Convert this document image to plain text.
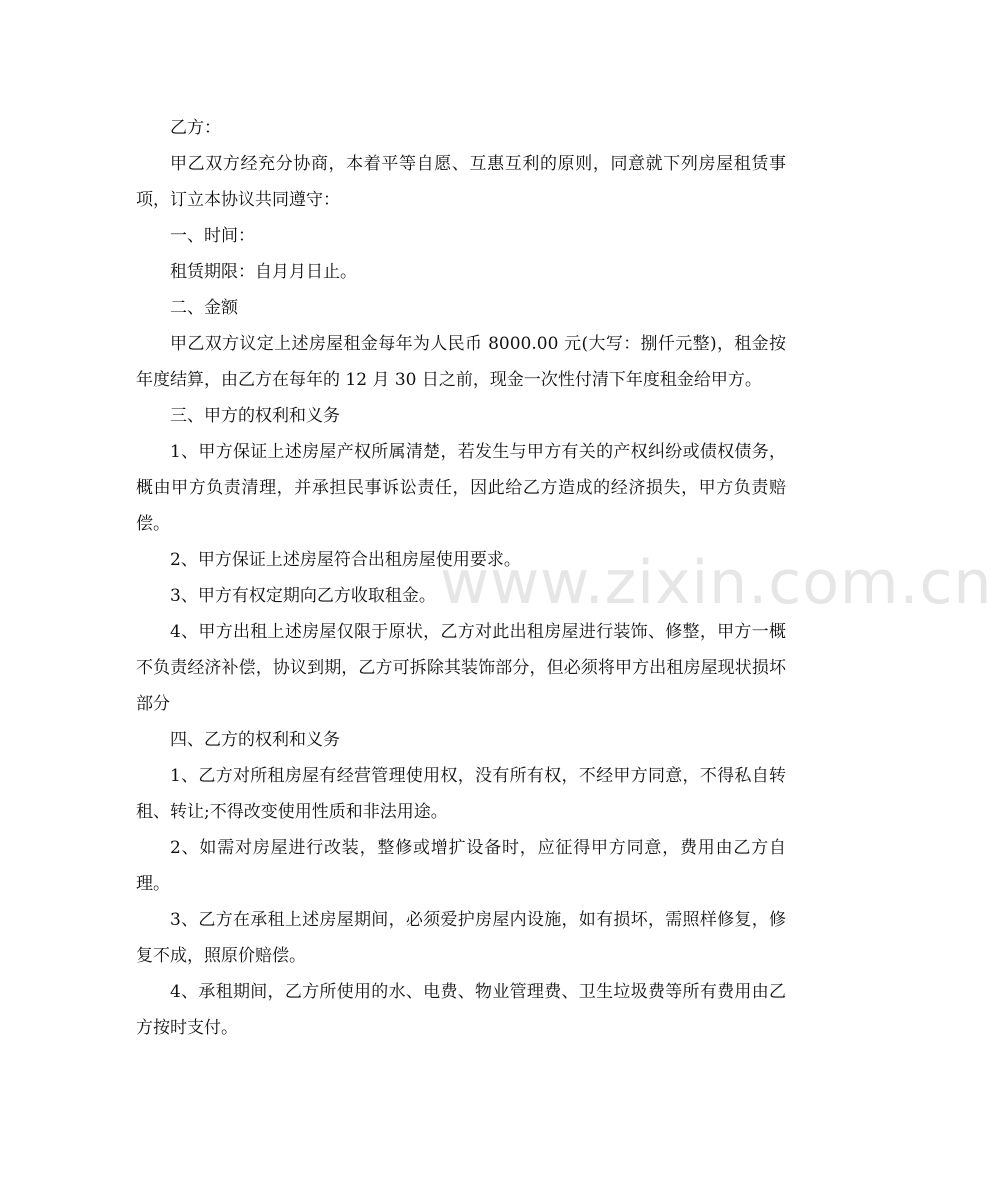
www.zixin.com.cn

乙方：

甲乙双方经充分协商，本着平等自愿、互惠互利的原则，同意就下列房屋租赁事项，订立本协议共同遵守：

一、时间：

租赁期限：自月月日止。

二、金额

甲乙双方议定上述房屋租金每年为人民币 8000.00 元(大写：捌仟元整)，租金按年度结算，由乙方在每年的 12 月 30 日之前，现金一次性付清下年度租金给甲方。

三、甲方的权利和义务

1、甲方保证上述房屋产权所属清楚，若发生与甲方有关的产权纠纷或债权债务，概由甲方负责清理，并承担民事诉讼责任，因此给乙方造成的经济损失，甲方负责赔偿。

2、甲方保证上述房屋符合出租房屋使用要求。

3、甲方有权定期向乙方收取租金。

4、甲方出租上述房屋仅限于原状，乙方对此出租房屋进行装饰、修整，甲方一概不负责经济补偿，协议到期，乙方可拆除其装饰部分，但必须将甲方出租房屋现状损坏部分

四、乙方的权利和义务

1、乙方对所租房屋有经营管理使用权，没有所有权，不经甲方同意，不得私自转租、转让;不得改变使用性质和非法用途。

2、如需对房屋进行改装，整修或增扩设备时，应征得甲方同意，费用由乙方自理。

3、乙方在承租上述房屋期间，必须爱护房屋内设施，如有损坏，需照样修复，修复不成，照原价赔偿。

4、承租期间，乙方所使用的水、电费、物业管理费、卫生垃圾费等所有费用由乙方按时支付。
